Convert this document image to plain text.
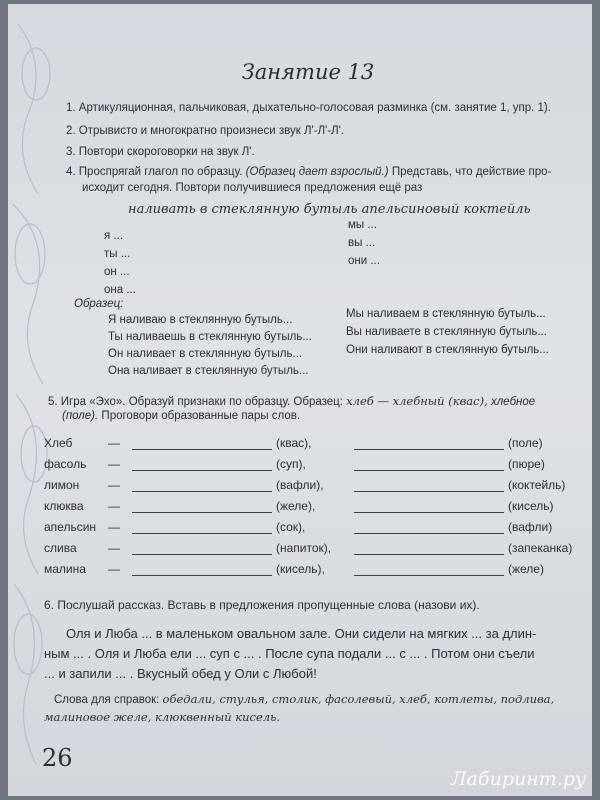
Занятие 13
1. Артикуляционная, пальчиковая, дыхательно-голосовая разминка (см. занятие 1, упр. 1).
2. Отрывисто и многократно произнеси звук Л'-Л'-Л'.
3. Повтори скороговорки на звук Л'.
4. Проспрягай глагол по образцу. (Образец дает взрослый.) Представь, что действие про-
исходит сегодня. Повтори получившиеся предложения ещё раз
наливать в стеклянную бутыль апельсиновый коктейль
я ...
ты ...
он ...
она ...
мы ...
вы ...
они ...
Образец:
Я наливаю в стеклянную бутыль...
Ты наливаешь в стеклянную бутыль...
Он наливает в стеклянную бутыль...
Она наливает в стеклянную бутыль...
Мы наливаем в стеклянную бутыль...
Вы наливаете в стеклянную бутыль...
Они наливают в стеклянную бутыль...
5. Игра «Эхо». Образуй признаки по образцу. Образец: хлеб — хлебный (квас), хлебное
(поле). Проговори образованные пары слов.
6. Послушай рассказ. Вставь в предложения пропущенные слова (назови их).
Оля и Люба ... в маленьком овальном зале. Они сидели на мягких ... за длин-
ным ... . Оля и Люба ели ... суп с ... . После супа подали ... с ... . Потом они съели
... и запили ... . Вкусный обед у Оли с Любой!
Слова для справок: обедали, стулья, столик, фасолевый, хлеб, котлеты, подлива,
малиновое желе, клюквенный кисель.
26
Хлеб	—	(квас),	(поле)
фасоль —	(суп),	(пюре)
лимон —	(вафли),	(коктейль)
клюква —	(желе),	(кисель)
апельсин —	(сок),	(вафли)
слива	—	(напиток),	(запеканка)
малина —	(кисель),	(желе)
Лабиринт.ру
